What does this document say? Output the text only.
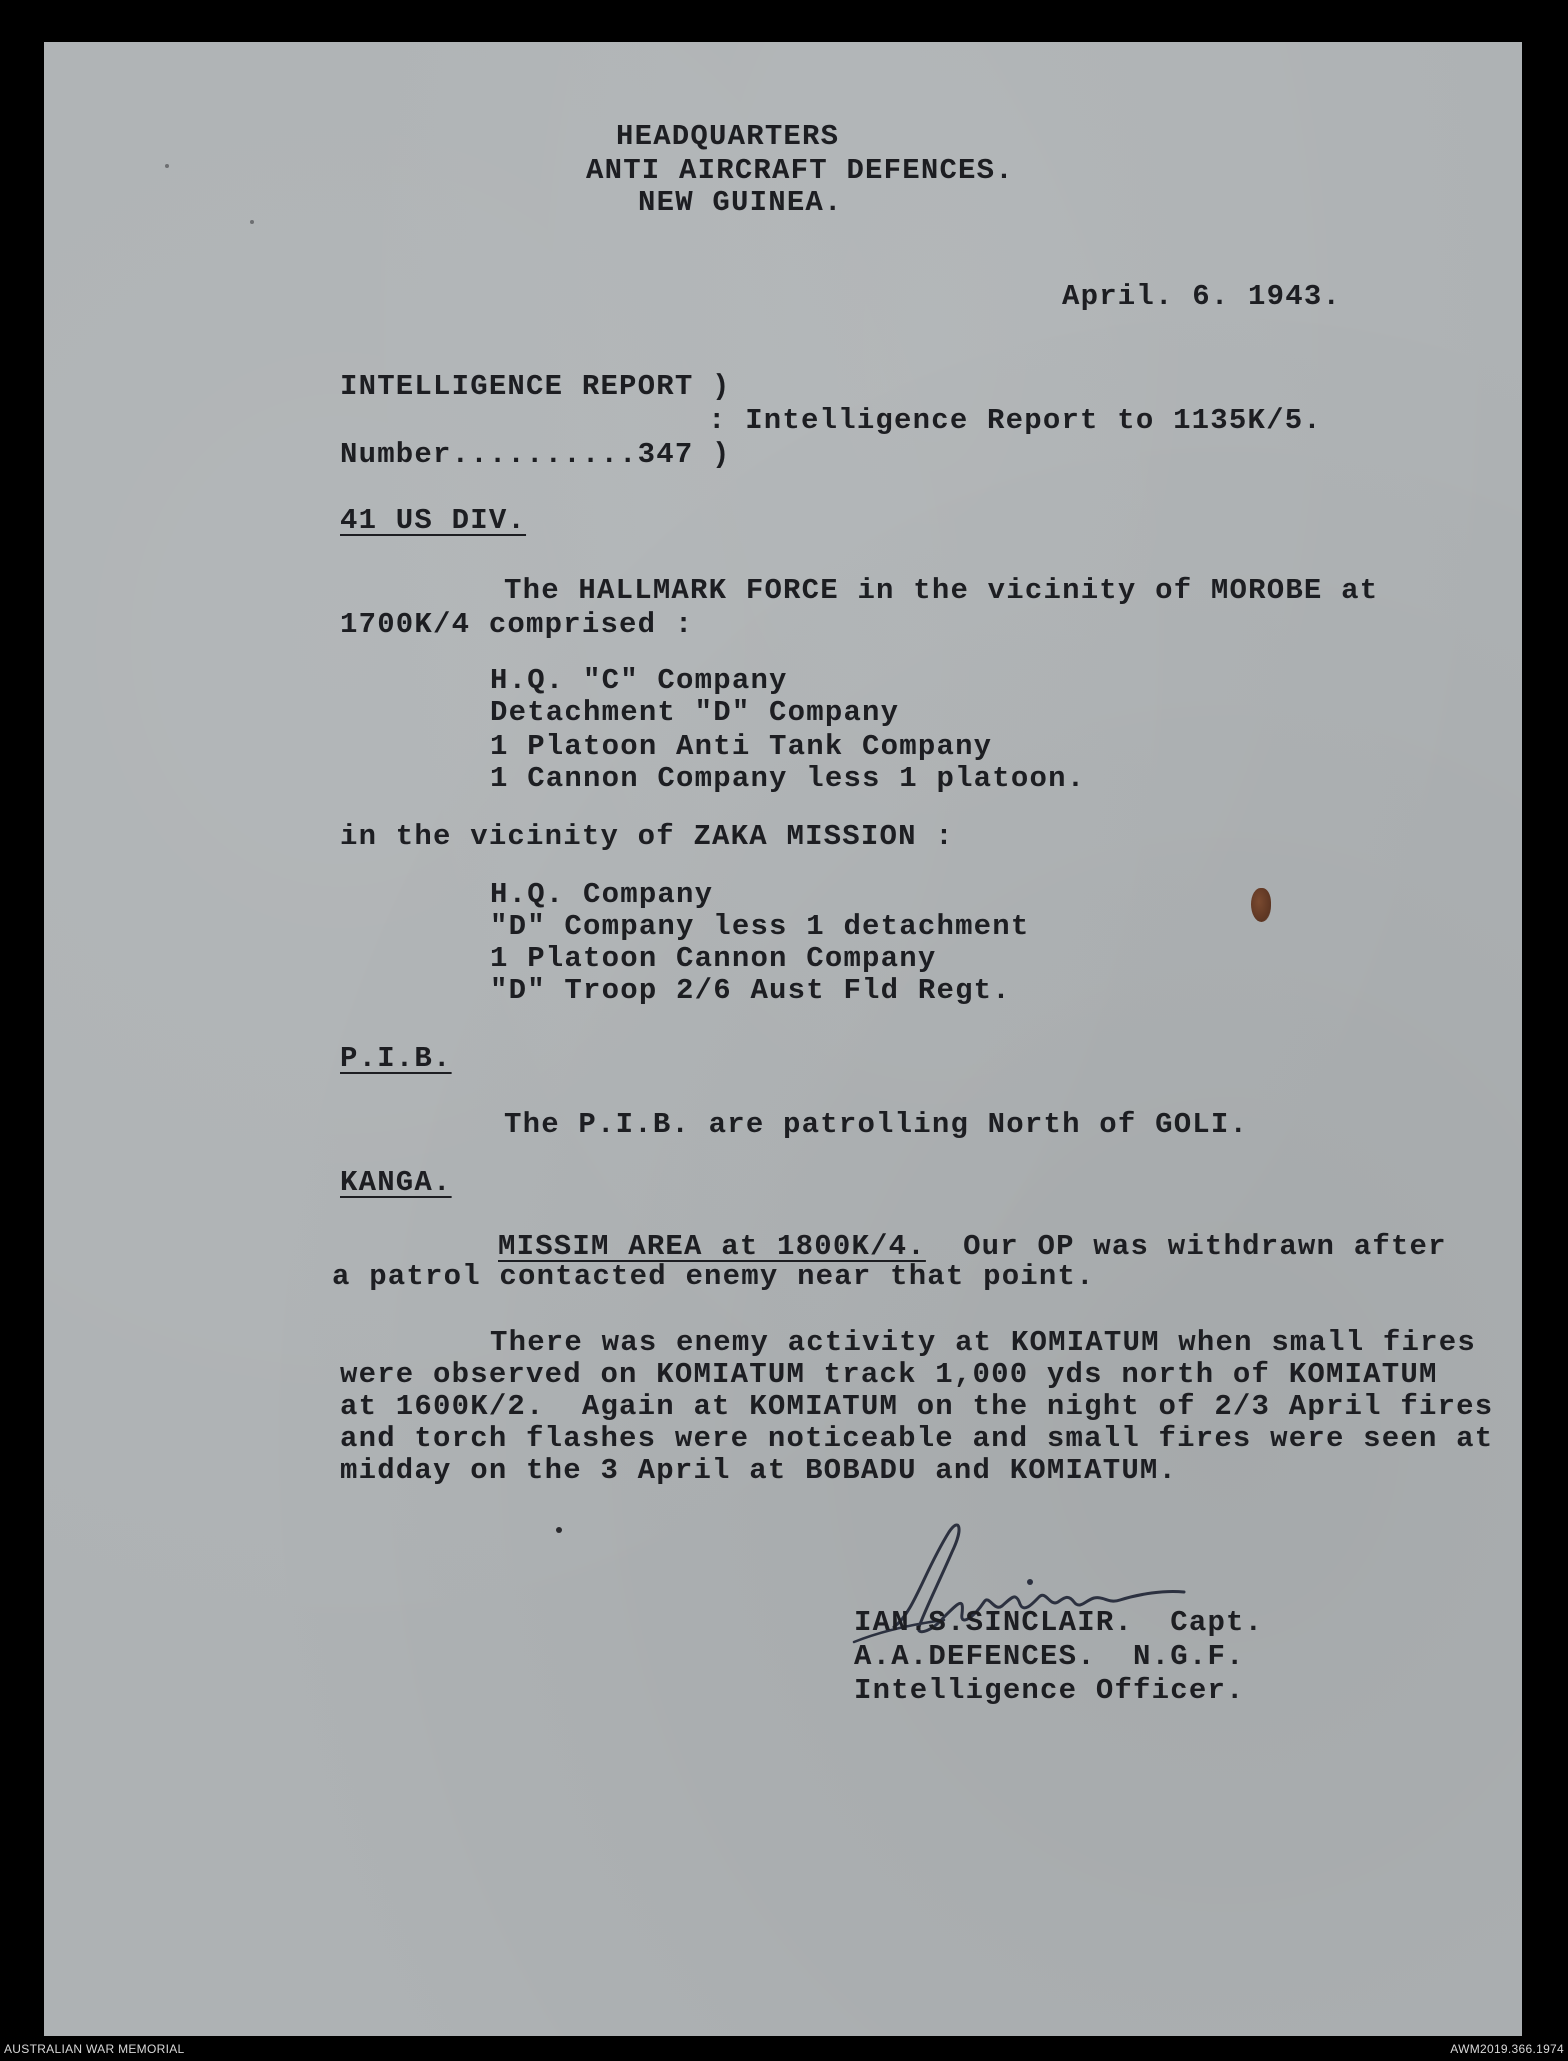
HEADQUARTERS
ANTI AIRCRAFT DEFENCES.
NEW GUINEA.
April. 6. 1943.
INTELLIGENCE REPORT )
: Intelligence Report to 1135K/5.
Number..........347 )
41 US DIV.
The HALLMARK FORCE in the vicinity of MOROBE at
1700K/4 comprised :
H.Q. "C" Company
Detachment "D" Company
1 Platoon Anti Tank Company
1 Cannon Company less 1 platoon.
in the vicinity of ZAKA MISSION :
H.Q. Company
"D" Company less 1 detachment
1 Platoon Cannon Company
"D" Troop 2/6 Aust Fld Regt.
P.I.B.
The P.I.B. are patrolling North of GOLI.
KANGA.
MISSIM AREA at 1800K/4.  Our OP was withdrawn after
a patrol contacted enemy near that point.
There was enemy activity at KOMIATUM when small fires
were observed on KOMIATUM track 1,000 yds north of KOMIATUM
at 1600K/2.  Again at KOMIATUM on the night of 2/3 April fires
and torch flashes were noticeable and small fires were seen at
midday on the 3 April at BOBADU and KOMIATUM.
IAN.S.SINCLAIR.  Capt.
A.A.DEFENCES.  N.G.F.
Intelligence Officer.
AUSTRALIAN WAR MEMORIAL	AWM2019.366.1974
